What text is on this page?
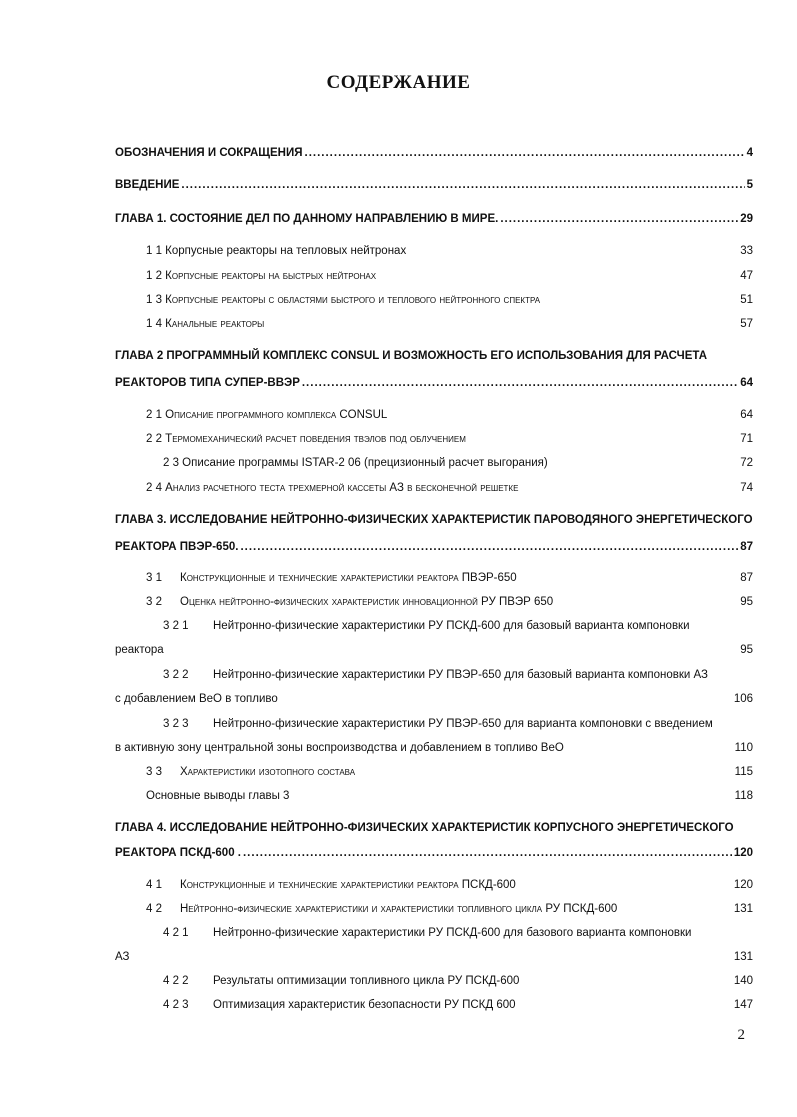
СОДЕРЖАНИЕ
ОБОЗНАЧЕНИЯ И СОКРАЩЕНИЯ .....	4
ВВЕДЕНИЕ .....	5
ГЛАВА 1. СОСТОЯНИЕ ДЕЛ ПО ДАННОМУ НАПРАВЛЕНИЮ В МИРЕ. .....	29
1 1 Корпусные реакторы на тепловых нейтронах	33
1 2 Корпусные реакторы на быстрых нейтронах	47
1 3 Корпусные реакторы с областями быстрого и теплового нейтронного спектра	51
1 4 Канальные реакторы	57
ГЛАВА 2 ПРОГРАММНЫЙ КОМПЛЕКС CONSUL И ВОЗМОЖНОСТЬ ЕГО ИСПОЛЬЗОВАНИЯ ДЛЯ РАСЧЕТА
РЕАКТОРОВ ТИПА СУПЕР-ВВЭР .....	64
2 1 Описание программного комплекса CONSUL	64
2 2 Термомеханический расчет поведения твэлов под облучением	71
2 3 Описание программы ISTAR-2 06 (прецизионный расчет выгорания)	72
2 4 Анализ расчетного теста трехмерной кассеты АЗ в бесконечной решетке	74
ГЛАВА 3. ИССЛЕДОВАНИЕ НЕЙТРОННО-ФИЗИЧЕСКИХ ХАРАКТЕРИСТИК ПАРОВОДЯНОГО ЭНЕРГЕТИЧЕСКОГО
РЕАКТОРА ПВЭР-650. .....	87
3 1	Конструкционные и технические характеристики реактора ПВЭР-650	87
3 2	Оценка нейтронно-физических характеристик инновационной РУ ПВЭР 650	95
3 2 1	Нейтронно-физические характеристики РУ ПСКД-600 для базовый варианта компоновки
реактора	95
3 2 2	Нейтронно-физические характеристики РУ ПВЭР-650 для базовый варианта компоновки АЗ
с добавлением ВеО в топливо	106
3 2 3	Нейтронно-физические характеристики РУ ПВЭР-650 для варианта компоновки с введением
в активную зону центральной зоны воспроизводства и добавлением в топливо ВеО	110
3 3	Характеристики изотопного состава	115
Основные выводы главы 3	118
ГЛАВА 4. ИССЛЕДОВАНИЕ НЕЙТРОННО-ФИЗИЧЕСКИХ ХАРАКТЕРИСТИК КОРПУСНОГО ЭНЕРГЕТИЧЕСКОГО
РЕАКТОРА ПСКД-600 . .....	120
4 1	Конструкционные и технические характеристики реактора ПСКД-600	120
4 2	Нейтронно-физические характеристики и характеристики топливного цикла РУ ПСКД-600	131
4 2 1	Нейтронно-физические характеристики РУ ПСКД-600 для базового варианта компоновки
АЗ	131
4 2 2	Результаты оптимизации топливного цикла РУ ПСКД-600	140
4 2 3	Оптимизация характеристик безопасности РУ ПСКД 600	147
2
